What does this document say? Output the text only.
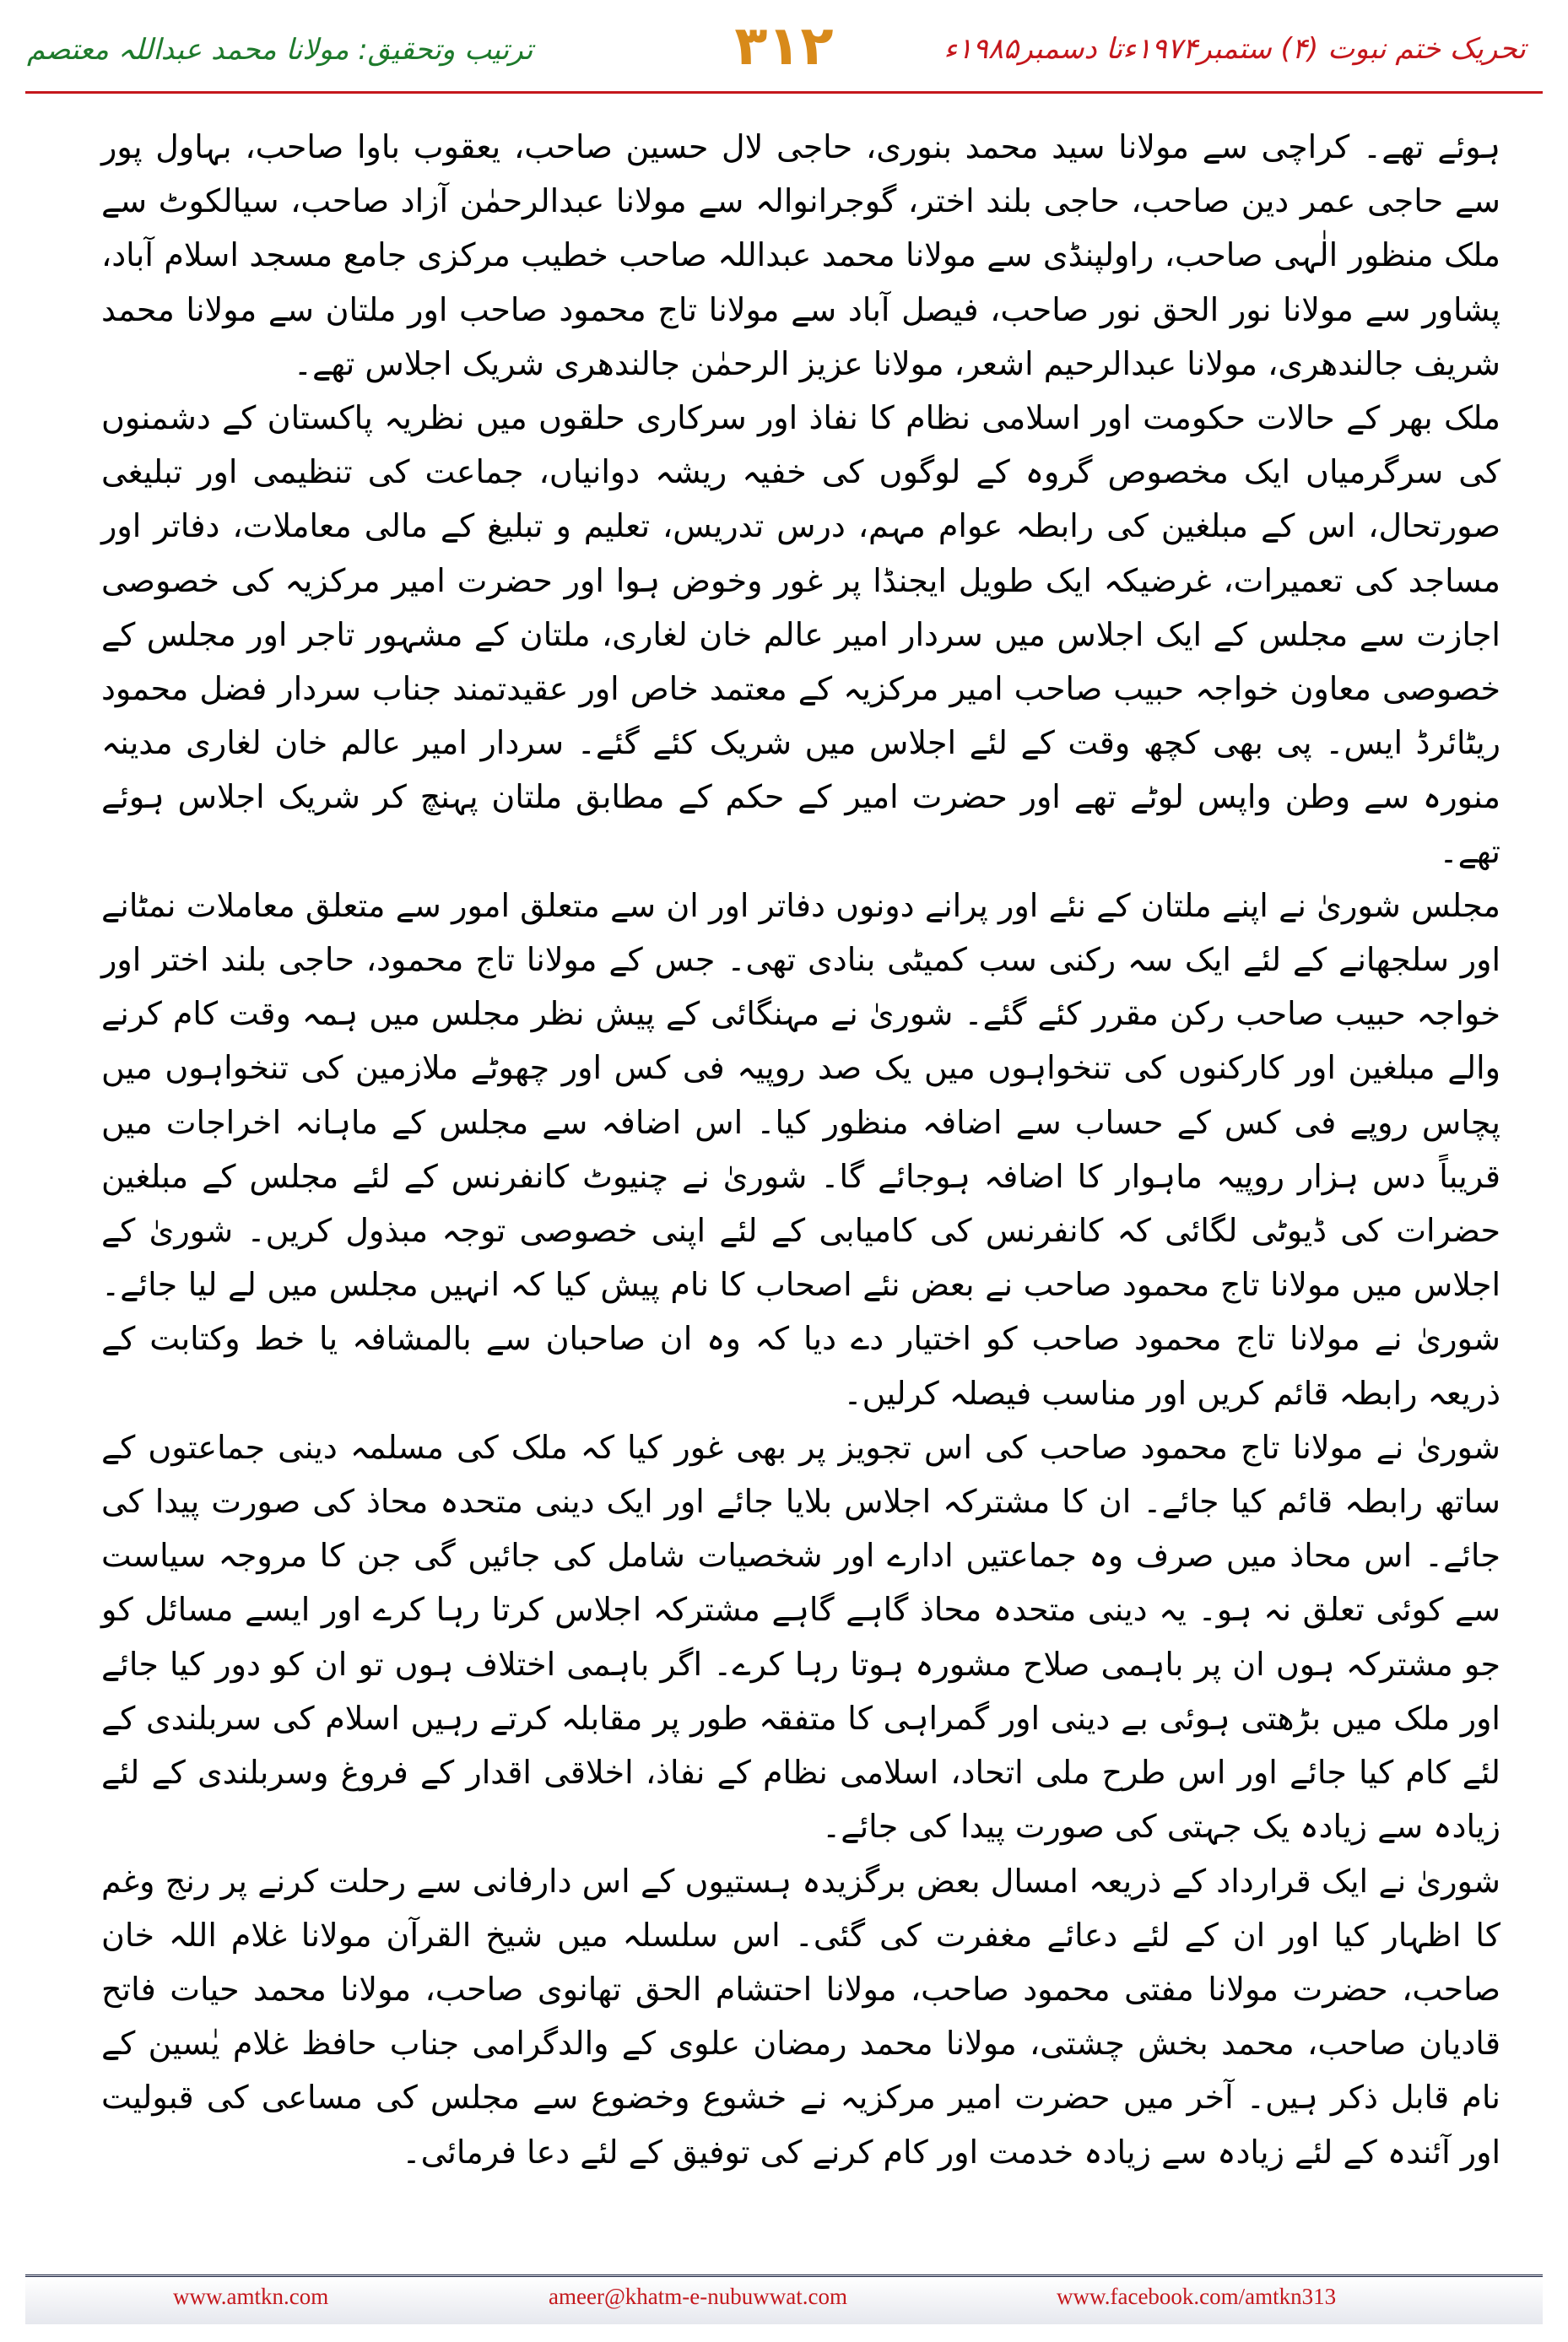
ترتیب وتحقیق: مولانا محمد عبداللہ معتصم	۳۱۲	تحریک ختم نبوت (۴) ستمبر۱۹۷۴ءتا دسمبر۱۹۸۵ء

ہوئے تھے۔ کراچی سے مولانا سید محمد بنوری، حاجی لال حسین صاحب، یعقوب باوا صاحب، بہاول پور سے حاجی عمر دین صاحب، حاجی بلند اختر، گوجرانوالہ سے مولانا عبدالرحمٰن آزاد صاحب، سیالکوٹ سے ملک منظور الٰہی صاحب، راولپنڈی سے مولانا محمد عبداللہ صاحب خطیب مرکزی جامع مسجد اسلام آباد، پشاور سے مولانا نور الحق نور صاحب، فیصل آباد سے مولانا تاج محمود صاحب اور ملتان سے مولانا محمد شریف جالندھری، مولانا عبدالرحیم اشعر، مولانا عزیز الرحمٰن جالندھری شریک اجلاس تھے۔

ملک بھر کے حالات حکومت اور اسلامی نظام کا نفاذ اور سرکاری حلقوں میں نظریہ پاکستان کے دشمنوں کی سرگرمیاں ایک مخصوص گروہ کے لوگوں کی خفیہ ریشہ دوانیاں، جماعت کی تنظیمی اور تبلیغی صورتحال، اس کے مبلغین کی رابطہ عوام مہم، درس تدریس، تعلیم و تبلیغ کے مالی معاملات، دفاتر اور مساجد کی تعمیرات، غرضیکہ ایک طویل ایجنڈا پر غور وخوض ہوا اور حضرت امیر مرکزیہ کی خصوصی اجازت سے مجلس کے ایک اجلاس میں سردار امیر عالم خان لغاری، ملتان کے مشہور تاجر اور مجلس کے خصوصی معاون خواجہ حبیب صاحب امیر مرکزیہ کے معتمد خاص اور عقیدتمند جناب سردار فضل محمود ریٹائرڈ ایس۔ پی بھی کچھ وقت کے لئے اجلاس میں شریک کئے گئے۔ سردار امیر عالم خان لغاری مدینہ منورہ سے وطن واپس لوٹے تھے اور حضرت امیر کے حکم کے مطابق ملتان پہنچ کر شریک اجلاس ہوئے تھے۔

مجلس شوریٰ نے اپنے ملتان کے نئے اور پرانے دونوں دفاتر اور ان سے متعلق امور سے متعلق معاملات نمٹانے اور سلجھانے کے لئے ایک سہ رکنی سب کمیٹی بنادی تھی۔ جس کے مولانا تاج محمود، حاجی بلند اختر اور خواجہ حبیب صاحب رکن مقرر کئے گئے۔ شوریٰ نے مہنگائی کے پیش نظر مجلس میں ہمہ وقت کام کرنے والے مبلغین اور کارکنوں کی تنخواہوں میں یک صد روپیہ فی کس اور چھوٹے ملازمین کی تنخواہوں میں پچاس روپے فی کس کے حساب سے اضافہ منظور کیا۔ اس اضافہ سے مجلس کے ماہانہ اخراجات میں قریباً دس ہزار روپیہ ماہوار کا اضافہ ہوجائے گا۔ شوریٰ نے چنیوٹ کانفرنس کے لئے مجلس کے مبلغین حضرات کی ڈیوٹی لگائی کہ کانفرنس کی کامیابی کے لئے اپنی خصوصی توجہ مبذول کریں۔ شوریٰ کے اجلاس میں مولانا تاج محمود صاحب نے بعض نئے اصحاب کا نام پیش کیا کہ انہیں مجلس میں لے لیا جائے۔ شوریٰ نے مولانا تاج محمود صاحب کو اختیار دے دیا کہ وہ ان صاحبان سے بالمشافہ یا خط وکتابت کے ذریعہ رابطہ قائم کریں اور مناسب فیصلہ کرلیں۔

شوریٰ نے مولانا تاج محمود صاحب کی اس تجویز پر بھی غور کیا کہ ملک کی مسلمہ دینی جماعتوں کے ساتھ رابطہ قائم کیا جائے۔ ان کا مشترکہ اجلاس بلایا جائے اور ایک دینی متحدہ محاذ کی صورت پیدا کی جائے۔ اس محاذ میں صرف وہ جماعتیں ادارے اور شخصیات شامل کی جائیں گی جن کا مروجہ سیاست سے کوئی تعلق نہ ہو۔ یہ دینی متحدہ محاذ گاہے گاہے مشترکہ اجلاس کرتا رہا کرے اور ایسے مسائل کو جو مشترکہ ہوں ان پر باہمی صلاح مشورہ ہوتا رہا کرے۔ اگر باہمی اختلاف ہوں تو ان کو دور کیا جائے اور ملک میں بڑھتی ہوئی بے دینی اور گمراہی کا متفقہ طور پر مقابلہ کرتے رہیں اسلام کی سربلندی کے لئے کام کیا جائے اور اس طرح ملی اتحاد، اسلامی نظام کے نفاذ، اخلاقی اقدار کے فروغ وسربلندی کے لئے زیادہ سے زیادہ یک جہتی کی صورت پیدا کی جائے۔

شوریٰ نے ایک قرارداد کے ذریعہ امسال بعض برگزیدہ ہستیوں کے اس دارفانی سے رحلت کرنے پر رنج وغم کا اظہار کیا اور ان کے لئے دعائے مغفرت کی گئی۔ اس سلسلہ میں شیخ القرآن مولانا غلام اللہ خان صاحب، حضرت مولانا مفتی محمود صاحب، مولانا احتشام الحق تھانوی صاحب، مولانا محمد حیات فاتح قادیان صاحب، محمد بخش چشتی، مولانا محمد رمضان علوی کے والدگرامی جناب حافظ غلام یٰسین کے نام قابل ذکر ہیں۔ آخر میں حضرت امیر مرکزیہ نے خشوع وخضوع سے مجلس کی مساعی کی قبولیت اور آئندہ کے لئے زیادہ سے زیادہ خدمت اور کام کرنے کی توفیق کے لئے دعا فرمائی۔

www.amtkn.com	ameer@khatm-e-nubuwwat.com	www.facebook.com/amtkn313
